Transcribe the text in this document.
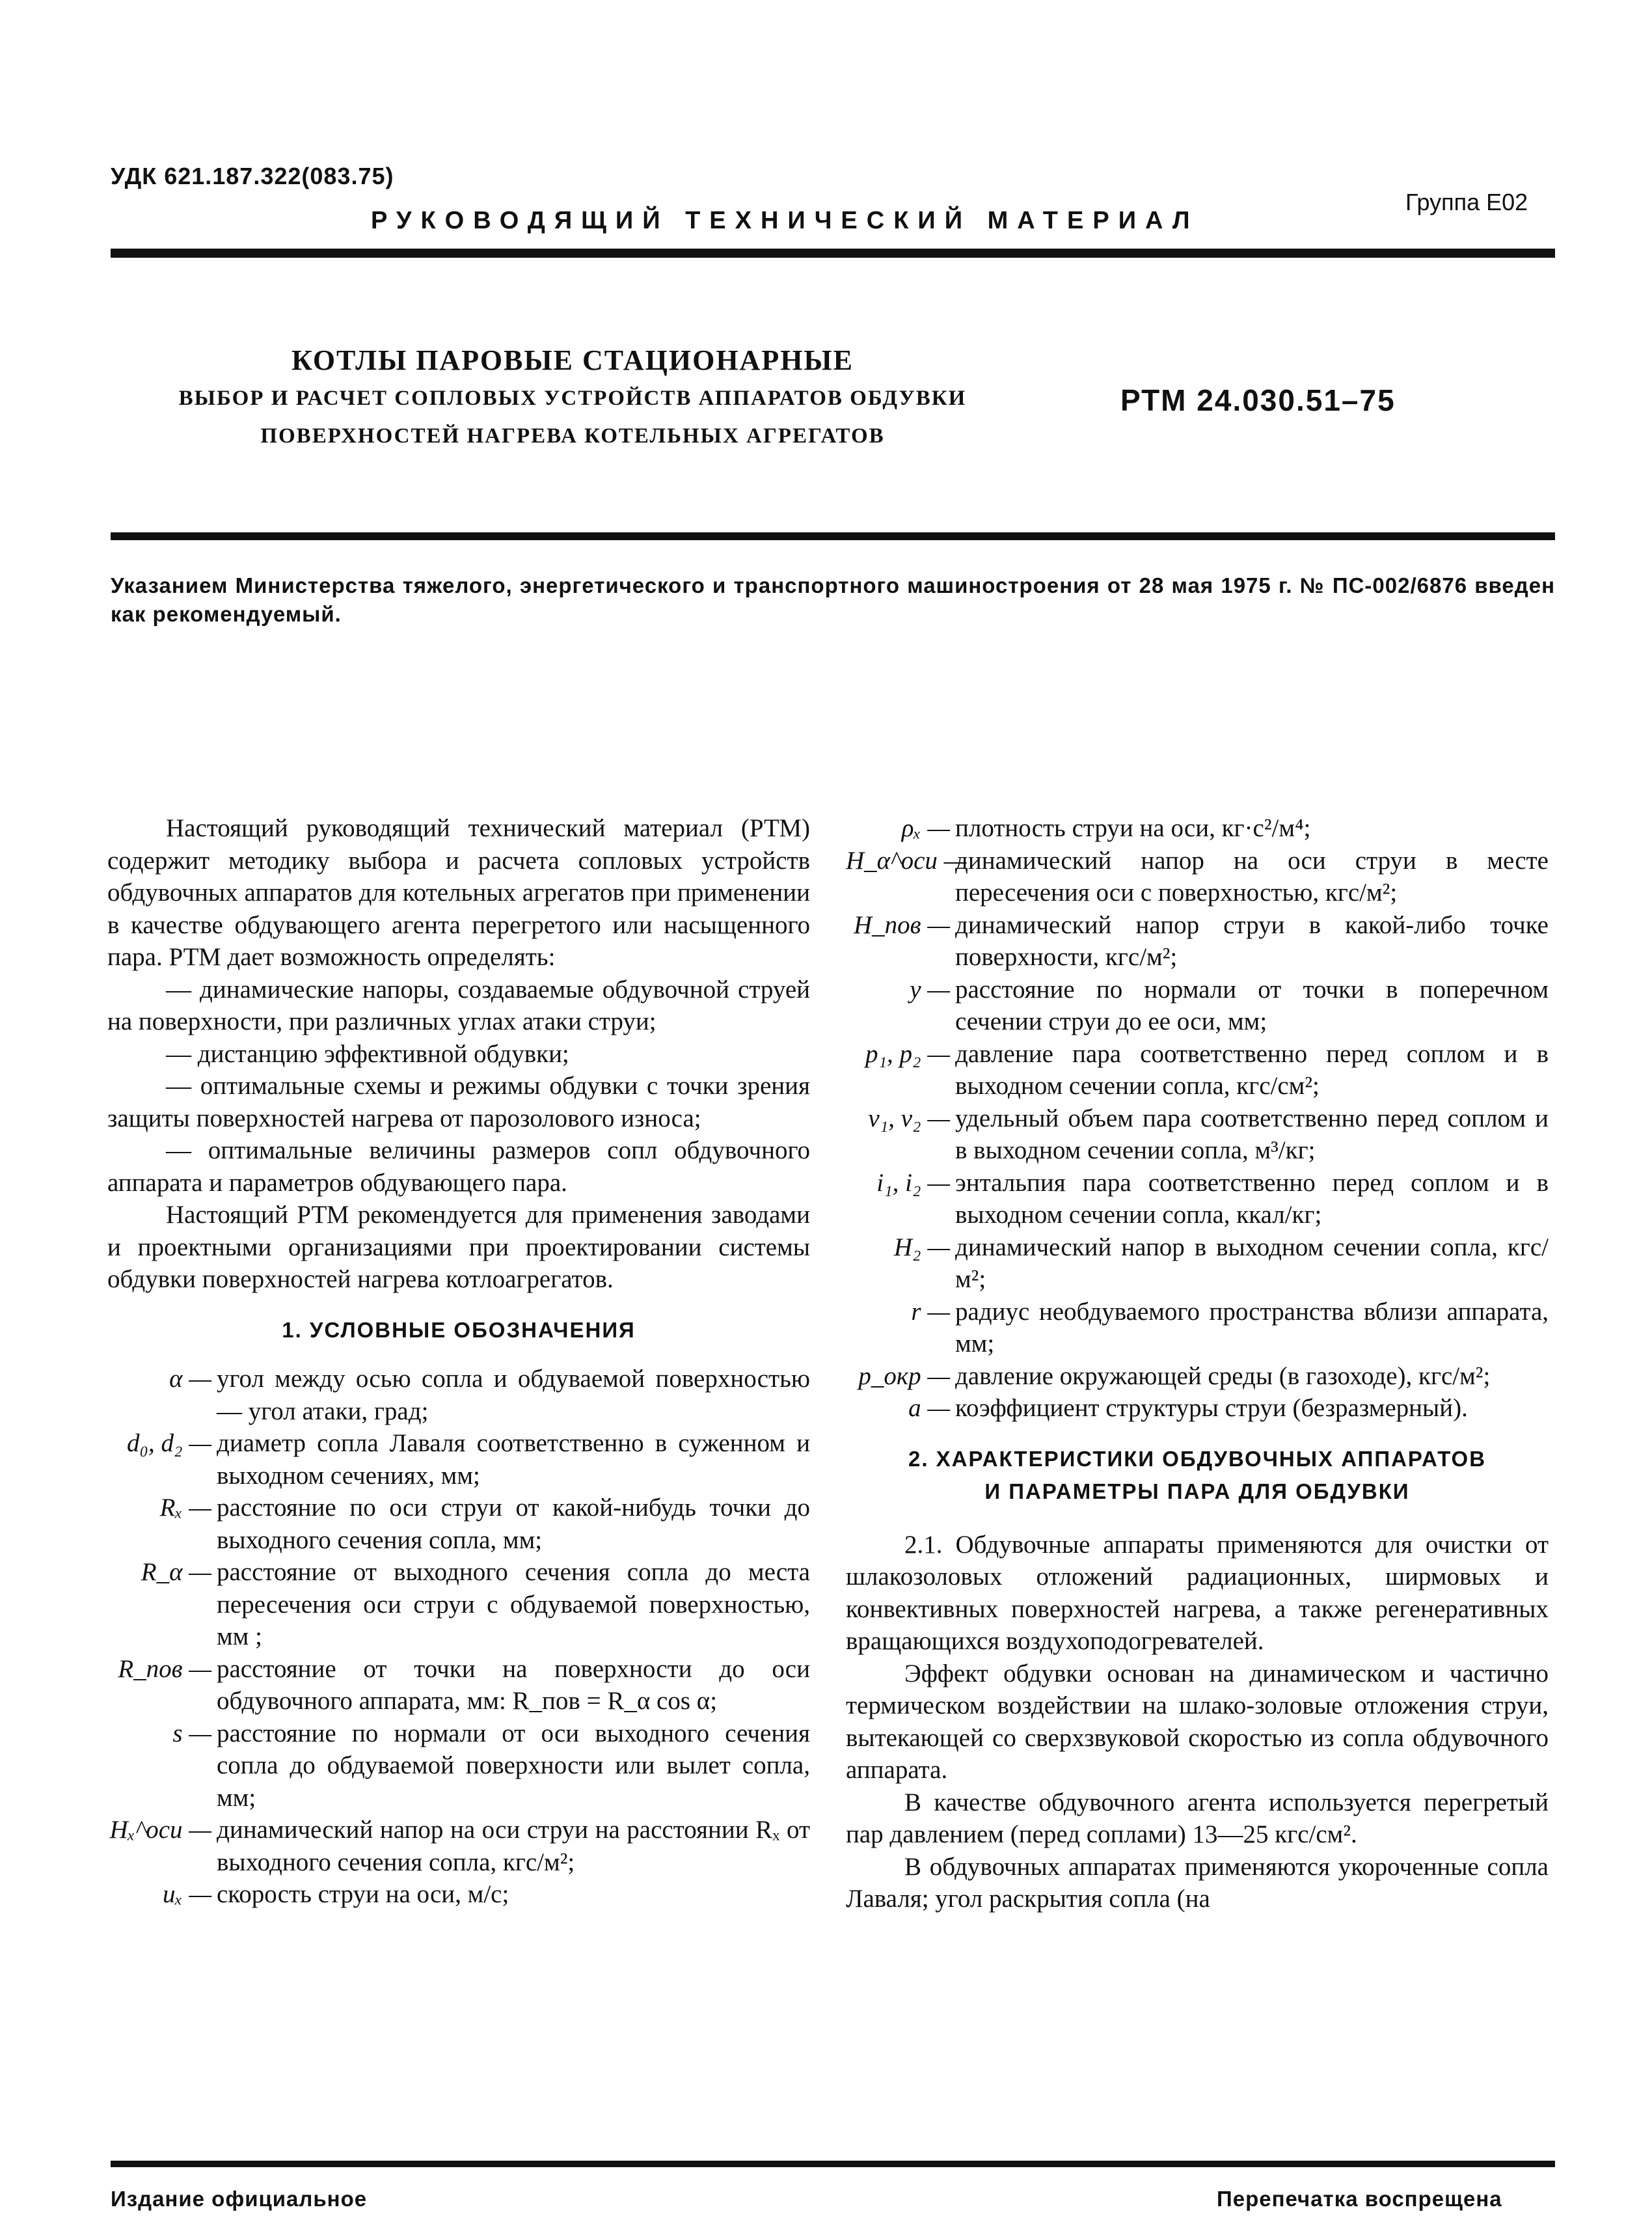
УДК 621.187.322(083.75)
Группа Е02
РУКОВОДЯЩИЙ ТЕХНИЧЕСКИЙ МАТЕРИАЛ
КОТЛЫ ПАРОВЫЕ СТАЦИОНАРНЫЕ
ВЫБОР И РАСЧЕТ СОПЛОВЫХ УСТРОЙСТВ АППАРАТОВ ОБДУВКИ
ПОВЕРХНОСТЕЙ НАГРЕВА КОТЕЛЬНЫХ АГРЕГАТОВ
РТМ 24.030.51–75
Указанием Министерства тяжелого, энергетического и транспортного машиностроения от 28 мая 1975 г. № ПС-002/6876 введен как рекомендуемый.

Настоящий руководящий технический материал (РТМ) содержит методику выбора и расчета сопловых устройств обдувочных аппаратов для котельных агрегатов при применении в качестве обдувающего агента перегретого или насыщенного пара. РТМ дает возможность определять:

— динамические напоры, создаваемые обдувочной струей на поверхности, при различных углах атаки струи;

— дистанцию эффективной обдувки;

— оптимальные схемы и режимы обдувки с точки зрения защиты поверхностей нагрева от парозолового износа;

— оптимальные величины размеров сопл обдувочного аппарата и параметров обдувающего пара.

Настоящий РТМ рекомендуется для применения заводами и проектными организациями при проектировании системы обдувки поверхностей нагрева котлоагрегатов.

1. УСЛОВНЫЕ ОБОЗНАЧЕНИЯ
α — угол между осью сопла и обдуваемой поверхностью — угол атаки, град;
d₀, d₂ — диаметр сопла Лаваля соответственно в суженном и выходном сечениях, мм;
Rₓ — расстояние по оси струи от какой-нибудь точки до выходного сечения сопла, мм;
R_α — расстояние от выходного сечения сопла до места пересечения оси струи с обдуваемой поверхностью, мм ;
R_пов — расстояние от точки на поверхности до оси обдувочного аппарата, мм: R_пов = R_α cos α;
s — расстояние по нормали от оси выходного сечения сопла до обдуваемой поверхности или вылет сопла, мм;
Hₓ^оси — динамический напор на оси струи на расстоянии Rₓ от выходного сечения сопла, кгс/м²;
uₓ — скорость струи на оси, м/с;
ρₓ — плотность струи на оси, кг·с²/м⁴;
H_α^оси —
динамический напор на оси струи в месте пересечения оси с поверхностью, кгс/м²;
H_пов — динамический напор струи в какой-либо точке поверхности, кгс/м²;
y — расстояние по нормали от точки в поперечном сечении струи до ее оси, мм;
p₁, p₂ — давление пара соответственно перед соплом и в выходном сечении сопла, кгс/см²;
v₁, v₂ — удельный объем пара соответственно перед соплом и в выходном сечении сопла, м³/кг;
i₁, i₂ — энтальпия пара соответственно перед соплом и в выходном сечении сопла, ккал/кг;
H₂ — динамический напор в выходном сечении сопла, кгс/м²;
r — радиус необдуваемого пространства вблизи аппарата, мм;
p_окр — давление окружающей среды (в газоходе), кгс/м²;
a — коэффициент структуры струи (безразмерный).
2. ХАРАКТЕРИСТИКИ ОБДУВОЧНЫХ АППАРАТОВ
И ПАРАМЕТРЫ ПАРА ДЛЯ ОБДУВКИ

2.1. Обдувочные аппараты применяются для очистки от шлакозоловых отложений радиационных, ширмовых и конвективных поверхностей нагрева, а также регенеративных вращающихся воздухоподогревателей.

Эффект обдувки основан на динамическом и частично термическом воздействии на шлако-золовые отложения струи, вытекающей со сверхзвуковой скоростью из сопла обдувочного аппарата.

В качестве обдувочного агента используется перегретый пар давлением (перед соплами) 13—25 кгс/см².

В обдувочных аппаратах применяются укороченные сопла Лаваля; угол раскрытия сопла (на

Издание официальное	Перепечатка воспрещена
